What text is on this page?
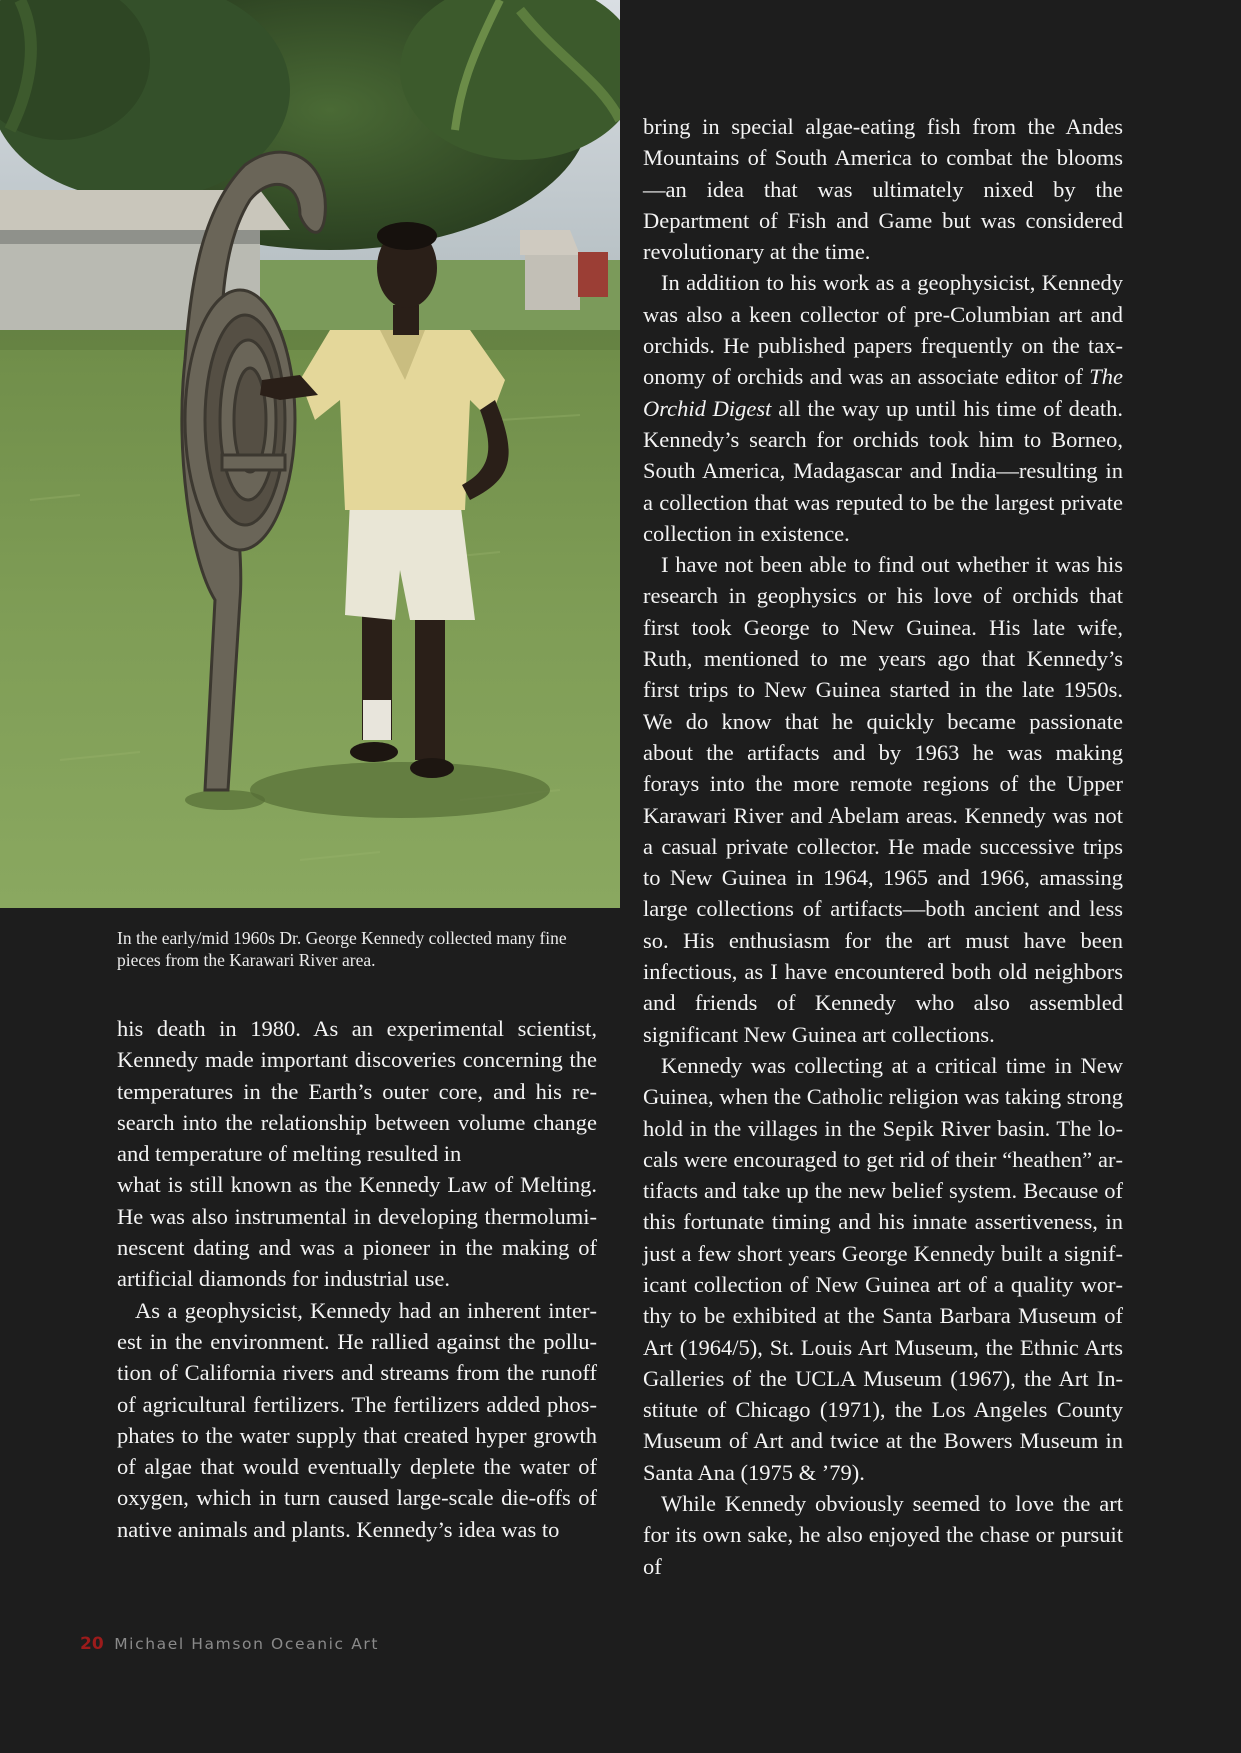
In the early/mid 1960s Dr. George Kennedy collected many fine pieces from the Karawari River area.

his death in 1980. As an experimental scientist, Kennedy made important discoveries concerning the temperatures in the Earth’s outer core, and his research into the relationship between volume change and temperature of melting resulted in

what is still known as the Kennedy Law of Melting. He was also instrumental in developing thermoluminescent dating and was a pioneer in the making of artificial diamonds for industrial use.

As a geophysicist, Kennedy had an inherent interest in the environment. He rallied against the pollution of California rivers and streams from the runoff of agricultural fertilizers. The fertilizers added phosphates to the water supply that created hyper growth of algae that would eventually deplete the water of oxygen, which in turn caused large-scale die-offs of native animals and plants. Kennedy’s idea was to

bring in special algae-eating fish from the Andes Mountains of South America to combat the blooms—an idea that was ultimately nixed by the Department of Fish and Game but was considered revolutionary at the time.

In addition to his work as a geophysicist, Kennedy was also a keen collector of pre-Columbian art and orchids. He published papers frequently on the taxonomy of orchids and was an associate editor of The Orchid Digest all the way up until his time of death. Kennedy’s search for orchids took him to Borneo, South America, Madagascar and India—resulting in a collection that was reputed to be the largest private collection in existence.

I have not been able to find out whether it was his research in geophysics or his love of orchids that first took George to New Guinea. His late wife, Ruth, mentioned to me years ago that Kennedy’s first trips to New Guinea started in the late 1950s. We do know that he quickly became passionate about the artifacts and by 1963 he was making forays into the more remote regions of the Upper Karawari River and Abelam areas. Kennedy was not a casual private collector. He made successive trips to New Guinea in 1964, 1965 and 1966, amassing large collections of artifacts—both ancient and less so. His enthusiasm for the art must have been infectious, as I have encountered both old neighbors and friends of Kennedy who also assembled significant New Guinea art collections.

Kennedy was collecting at a critical time in New Guinea, when the Catholic religion was taking strong hold in the villages in the Sepik River basin. The locals were encouraged to get rid of their “heathen” artifacts and take up the new belief system. Because of this fortunate timing and his innate assertiveness, in just a few short years George Kennedy built a significant collection of New Guinea art of a quality worthy to be exhibited at the Santa Barbara Museum of Art (1964/5), St. Louis Art Museum, the Ethnic Arts Galleries of the UCLA Museum (1967), the Art Institute of Chicago (1971), the Los Angeles County Museum of Art and twice at the Bowers Museum in Santa Ana (1975 & ’79).

While Kennedy obviously seemed to love the art for its own sake, he also enjoyed the chase or pursuit of

20 Michael Hamson Oceanic Art
